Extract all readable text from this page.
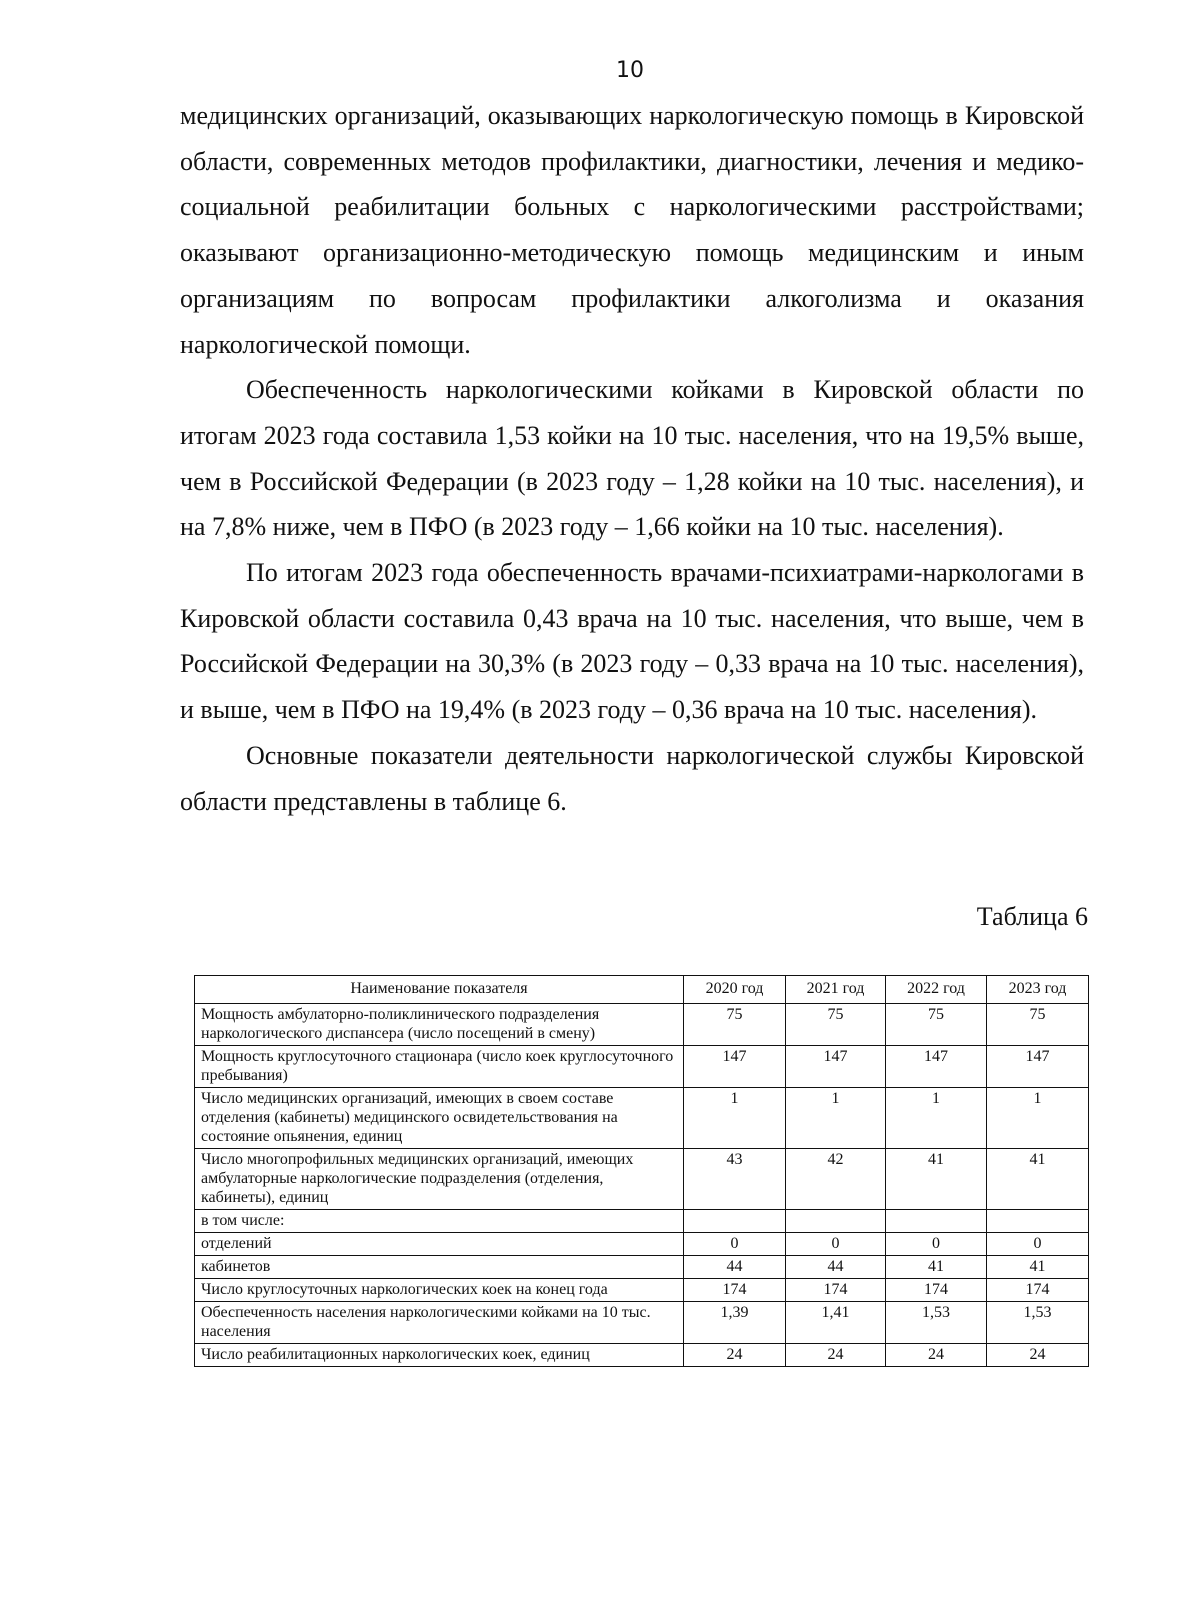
10

медицинских организаций, оказывающих наркологическую помощь в Кировской области, современных методов профилактики, диагностики, лечения и медико-социальной реабилитации больных с наркологическими расстройствами; оказывают организационно-методическую помощь медицинским и иным организациям по вопросам профилактики алкоголизма и оказания наркологической помощи.

Обеспеченность наркологическими койками в Кировской области по итогам 2023 года составила 1,53 койки на 10 тыс. населения, что на 19,5% выше, чем в Российской Федерации (в 2023 году – 1,28 койки на 10 тыс. населения), и на 7,8% ниже, чем в ПФО (в 2023 году – 1,66 койки на 10 тыс. населения).

По итогам 2023 года обеспеченность врачами-психиатрами-наркологами в Кировской области составила 0,43 врача на 10 тыс. населения, что выше, чем в Российской Федерации на 30,3% (в 2023 году – 0,33 врача на 10 тыс. населения), и выше, чем в ПФО на 19,4% (в 2023 году – 0,36 врача на 10 тыс. населения).

Основные показатели деятельности наркологической службы Кировской области представлены в таблице 6.

Таблица 6
Наименование показателя	2020 год	2021 год	2022 год	2023 год
Мощность амбулаторно-поликлинического подразделения наркологического диспансера (число посещений в смену)	75	75	75	75
Мощность круглосуточного стационара (число коек круглосуточного пребывания)	147	147	147	147
Число медицинских организаций, имеющих в своем составе отделения (кабинеты) медицинского освидетельствования на состояние опьянения, единиц	1	1	1	1
Число многопрофильных медицинских организаций, имеющих амбулаторные наркологические подразделения (отделения, кабинеты), единиц	43	42	41	41
в том числе:				
отделений	0	0	0	0
кабинетов	44	44	41	41
Число круглосуточных наркологических коек на конец года	174	174	174	174
Обеспеченность населения наркологическими койками на 10 тыс. населения	1,39	1,41	1,53	1,53
Число реабилитационных наркологических коек, единиц	24	24	24	24
